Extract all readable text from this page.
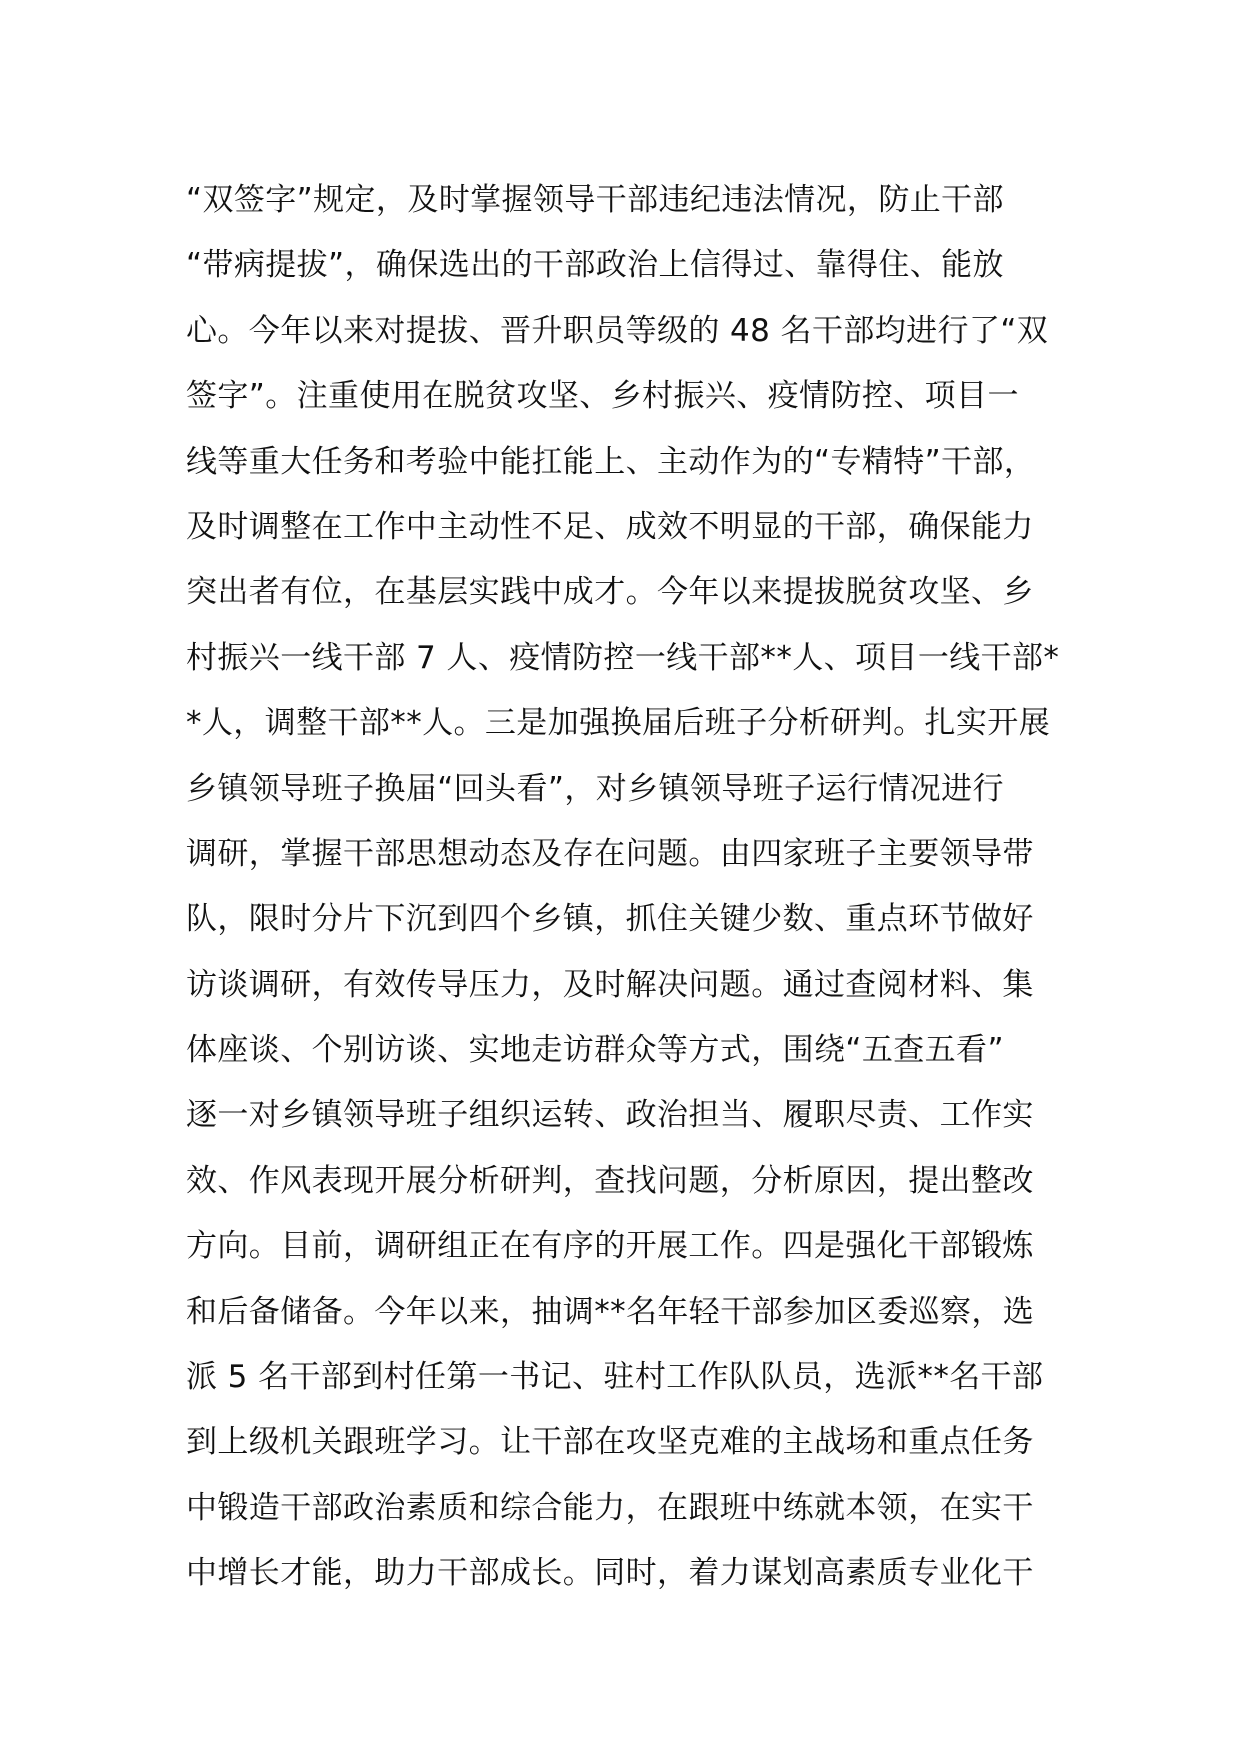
“双签字”规定，及时掌握领导干部违纪违法情况，防止干部
“带病提拔”，确保选出的干部政治上信得过、靠得住、能放
心。今年以来对提拔、晋升职员等级的 48 名干部均进行了“双
签字”。注重使用在脱贫攻坚、乡村振兴、疫情防控、项目一
线等重大任务和考验中能扛能上、主动作为的“专精特”干部，
及时调整在工作中主动性不足、成效不明显的干部，确保能力
突出者有位，在基层实践中成才。今年以来提拔脱贫攻坚、乡
村振兴一线干部 7 人、疫情防控一线干部**人、项目一线干部*
*人，调整干部**人。三是加强换届后班子分析研判。扎实开展
乡镇领导班子换届“回头看”，对乡镇领导班子运行情况进行
调研，掌握干部思想动态及存在问题。由四家班子主要领导带
队，限时分片下沉到四个乡镇，抓住关键少数、重点环节做好
访谈调研，有效传导压力，及时解决问题。通过查阅材料、集
体座谈、个别访谈、实地走访群众等方式，围绕“五查五看”
逐一对乡镇领导班子组织运转、政治担当、履职尽责、工作实
效、作风表现开展分析研判，查找问题，分析原因，提出整改
方向。目前，调研组正在有序的开展工作。四是强化干部锻炼
和后备储备。今年以来，抽调**名年轻干部参加区委巡察，选
派 5 名干部到村任第一书记、驻村工作队队员，选派**名干部
到上级机关跟班学习。让干部在攻坚克难的主战场和重点任务
中锻造干部政治素质和综合能力，在跟班中练就本领，在实干
中增长才能，助力干部成长。同时，着力谋划高素质专业化干
